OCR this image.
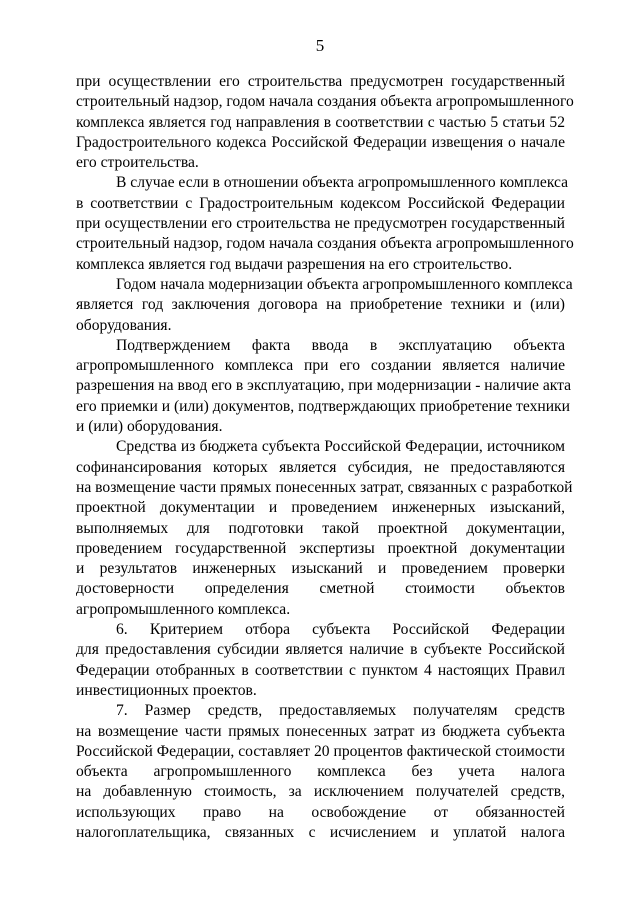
5
при осуществлении его строительства предусмотрен государственный
строительный надзор, годом начала создания объекта агропромышленного
комплекса является год направления в соответствии с частью 5 статьи 52
Градостроительного кодекса Российской Федерации извещения о начале
его строительства.
В случае если в отношении объекта агропромышленного комплекса
в соответствии с Градостроительным кодексом Российской Федерации
при осуществлении его строительства не предусмотрен государственный
строительный надзор, годом начала создания объекта агропромышленного
комплекса является год выдачи разрешения на его строительство.
Годом начала модернизации объекта агропромышленного комплекса
является год заключения договора на приобретение техники и (или)
оборудования.
Подтверждением факта ввода в эксплуатацию объекта
агропромышленного комплекса при его создании является наличие
разрешения на ввод его в эксплуатацию, при модернизации - наличие акта
его приемки и (или) документов, подтверждающих приобретение техники
и (или) оборудования.
Средства из бюджета субъекта Российской Федерации, источником
софинансирования которых является субсидия, не предоставляются
на возмещение части прямых понесенных затрат, связанных с разработкой
проектной документации и проведением инженерных изысканий,
выполняемых для подготовки такой проектной документации,
проведением государственной экспертизы проектной документации
и результатов инженерных изысканий и проведением проверки
достоверности определения сметной стоимости объектов
агропромышленного комплекса.
6. Критерием отбора субъекта Российской Федерации
для предоставления субсидии является наличие в субъекте Российской
Федерации отобранных в соответствии с пунктом 4 настоящих Правил
инвестиционных проектов.
7. Размер средств, предоставляемых получателям средств
на возмещение части прямых понесенных затрат из бюджета субъекта
Российской Федерации, составляет 20 процентов фактической стоимости
объекта агропромышленного комплекса без учета налога
на добавленную стоимость, за исключением получателей средств,
использующих право на освобождение от обязанностей
налогоплательщика, связанных с исчислением и уплатой налога
